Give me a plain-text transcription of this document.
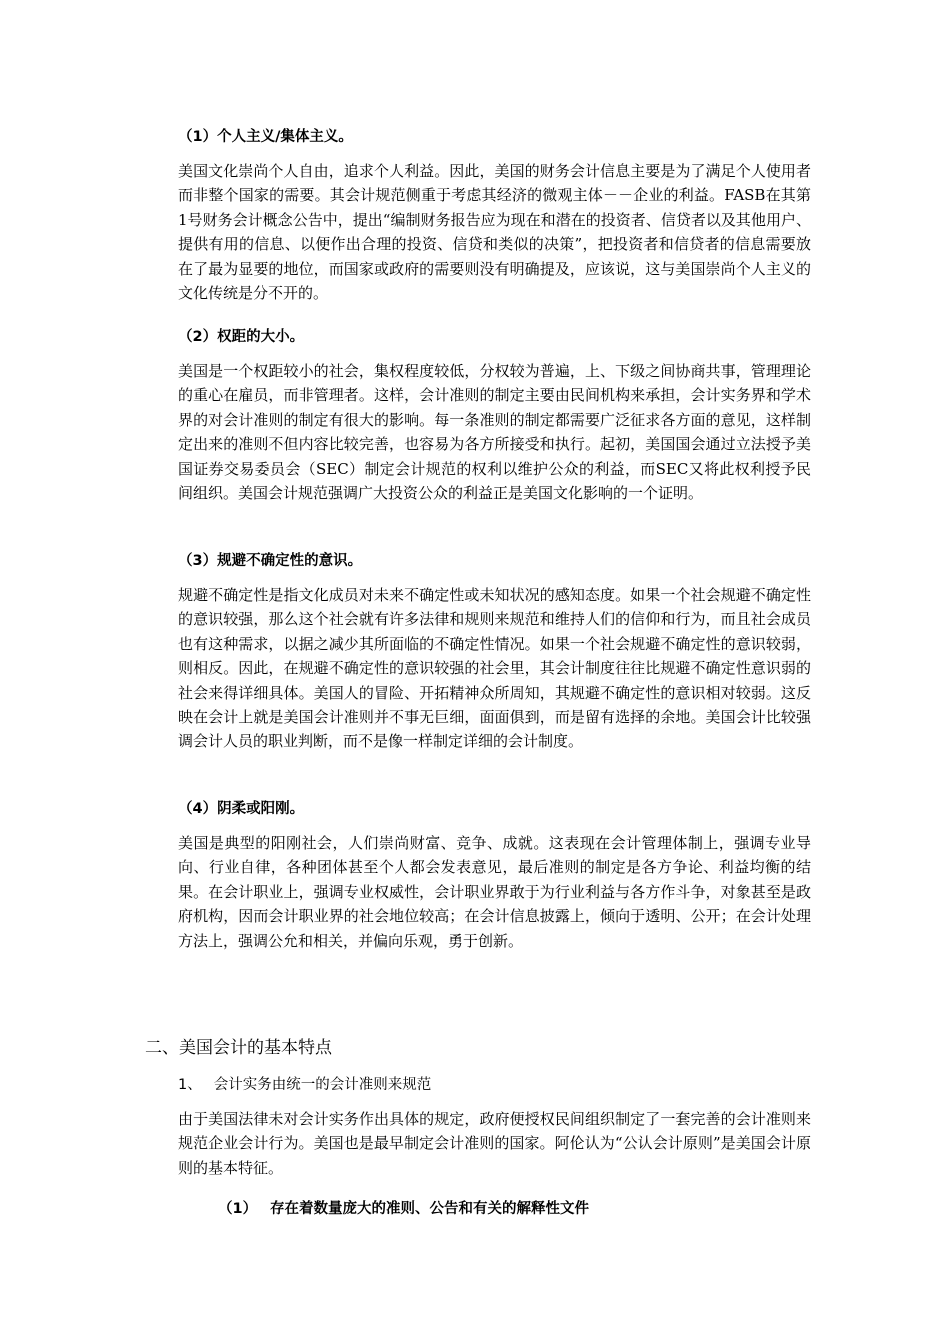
（1）个人主义/集体主义。
美国文化崇尚个人自由，追求个人利益。因此，美国的财务会计信息主要是为了满足个人使用者而非整个国家的需要。其会计规范侧重于考虑其经济的微观主体－－企业的利益。FASB在其第1号财务会计概念公告中，提出“编制财务报告应为现在和潜在的投资者、信贷者以及其他用户、提供有用的信息、以便作出合理的投资、信贷和类似的决策”，把投资者和信贷者的信息需要放在了最为显要的地位，而国家或政府的需要则没有明确提及，应该说，这与美国崇尚个人主义的文化传统是分不开的。
（2）权距的大小。
美国是一个权距较小的社会，集权程度较低，分权较为普遍，上、下级之间协商共事，管理理论的重心在雇员，而非管理者。这样，会计准则的制定主要由民间机构来承担，会计实务界和学术界的对会计准则的制定有很大的影响。每一条准则的制定都需要广泛征求各方面的意见，这样制定出来的准则不但内容比较完善，也容易为各方所接受和执行。起初，美国国会通过立法授予美国证券交易委员会（SEC）制定会计规范的权利以维护公众的利益，而SEC又将此权利授予民间组织。美国会计规范强调广大投资公众的利益正是美国文化影响的一个证明。
（3）规避不确定性的意识。
规避不确定性是指文化成员对未来不确定性或未知状况的感知态度。如果一个社会规避不确定性的意识较强，那么这个社会就有许多法律和规则来规范和维持人们的信仰和行为，而且社会成员也有这种需求，以据之减少其所面临的不确定性情况。如果一个社会规避不确定性的意识较弱，则相反。因此，在规避不确定性的意识较强的社会里，其会计制度往往比规避不确定性意识弱的社会来得详细具体。美国人的冒险、开拓精神众所周知，其规避不确定性的意识相对较弱。这反映在会计上就是美国会计准则并不事无巨细，面面俱到，而是留有选择的余地。美国会计比较强调会计人员的职业判断，而不是像一样制定详细的会计制度。
（4）阴柔或阳刚。
美国是典型的阳刚社会，人们崇尚财富、竞争、成就。这表现在会计管理体制上，强调专业导向、行业自律，各种团体甚至个人都会发表意见，最后准则的制定是各方争论、利益均衡的结果。在会计职业上，强调专业权威性，会计职业界敢于为行业利益与各方作斗争，对象甚至是政府机构，因而会计职业界的社会地位较高；在会计信息披露上，倾向于透明、公开；在会计处理方法上，强调公允和相关，并偏向乐观，勇于创新。
二、美国会计的基本特点
1、 会计实务由统一的会计准则来规范
由于美国法律未对会计实务作出具体的规定，政府便授权民间组织制定了一套完善的会计准则来规范企业会计行为。美国也是最早制定会计准则的国家。阿伦认为“公认会计原则”是美国会计原则的基本特征。
（1） 存在着数量庞大的准则、公告和有关的解释性文件
